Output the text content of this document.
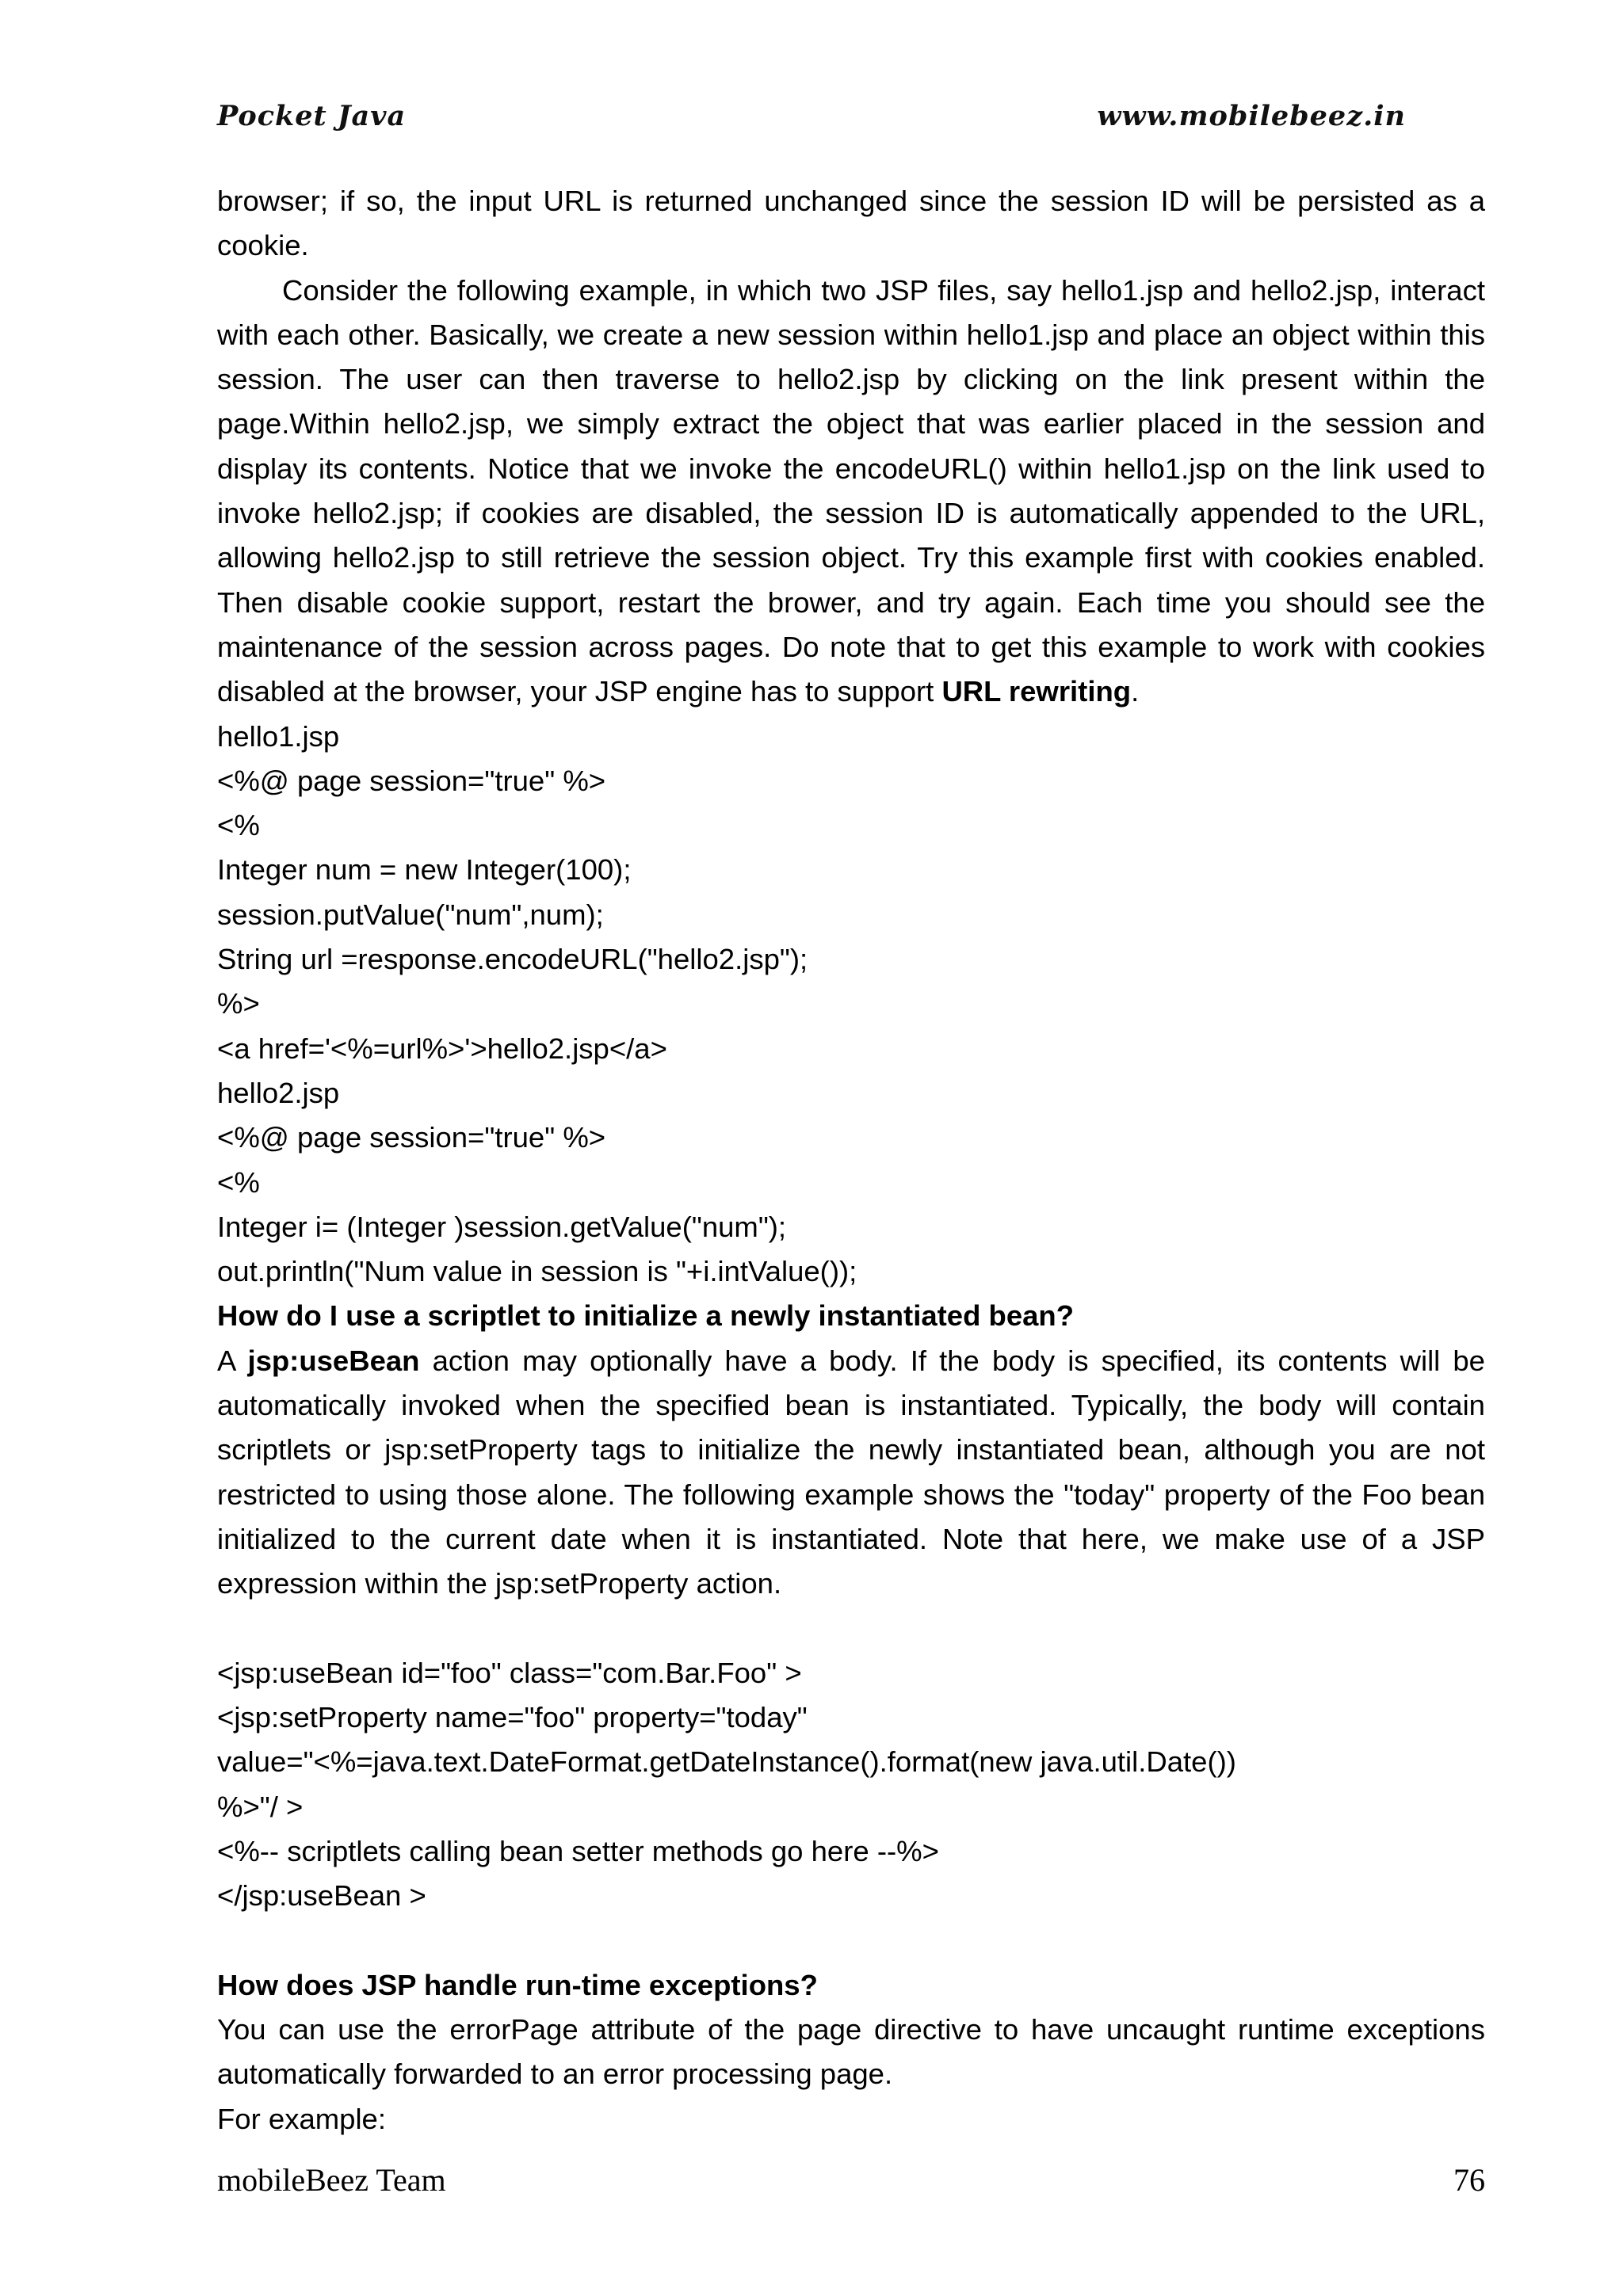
Pocket Java	www.mobilebeez.in

browser; if so, the input URL is returned unchanged since the session ID will be persisted as a cookie.

Consider the following example, in which two JSP files, say hello1.jsp and hello2.jsp, interact with each other. Basically, we create a new session within hello1.jsp and place an object within this session. The user can then traverse to hello2.jsp by clicking on the link present within the page.Within hello2.jsp, we simply extract the object that was earlier placed in the session and display its contents. Notice that we invoke the encodeURL() within hello1.jsp on the link used to invoke hello2.jsp; if cookies are disabled, the session ID is automatically appended to the URL, allowing hello2.jsp to still retrieve the session object. Try this example first with cookies enabled. Then disable cookie support, restart the brower, and try again. Each time you should see the maintenance of the session across pages. Do note that to get this example to work with cookies disabled at the browser, your JSP engine has to support URL rewriting.

hello1.jsp
<%@ page session="true" %>
<%
Integer num = new Integer(100);
session.putValue("num",num);
String url =response.encodeURL("hello2.jsp");
%>
<a href='<%=url%>'>hello2.jsp</a>
hello2.jsp
<%@ page session="true" %>
<%
Integer i= (Integer )session.getValue("num");
out.println("Num value in session is "+i.intValue());

How do I use a scriptlet to initialize a newly instantiated bean?

A jsp:useBean action may optionally have a body. If the body is specified, its contents will be automatically invoked when the specified bean is instantiated. Typically, the body will contain scriptlets or jsp:setProperty tags to initialize the newly instantiated bean, although you are not restricted to using those alone. The following example shows the "today" property of the Foo bean initialized to the current date when it is instantiated. Note that here, we make use of a JSP expression within the jsp:setProperty action.

<jsp:useBean id="foo" class="com.Bar.Foo" >
<jsp:setProperty name="foo" property="today"
value="<%=java.text.DateFormat.getDateInstance().format(new java.util.Date())
%>"/ >
<%-- scriptlets calling bean setter methods go here --%>
</jsp:useBean >

How does JSP handle run-time exceptions?

You can use the errorPage attribute of the page directive to have uncaught runtime exceptions automatically forwarded to an error processing page.

For example:

mobileBeez Team	76
